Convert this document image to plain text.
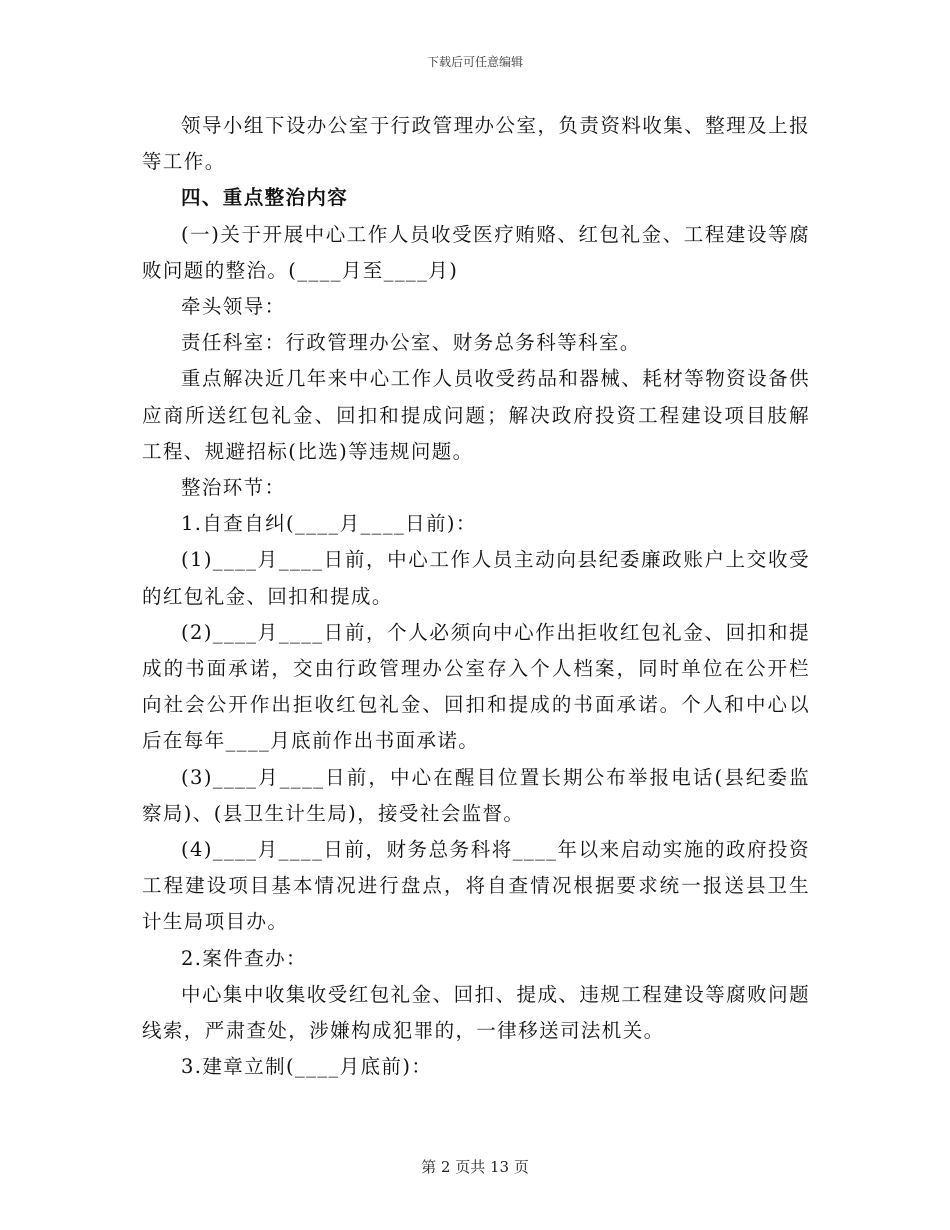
下载后可任意编辑

领导小组下设办公室于行政管理办公室，负责资料收集、整理及上报等工作。

四、重点整治内容

(一)关于开展中心工作人员收受医疗贿赂、红包礼金、工程建设等腐败问题的整治。(____月至____月)

牵头领导：

责任科室：行政管理办公室、财务总务科等科室。

重点解决近几年来中心工作人员收受药品和器械、耗材等物资设备供应商所送红包礼金、回扣和提成问题；解决政府投资工程建设项目肢解工程、规避招标(比选)等违规问题。

整治环节：

1.自查自纠(____月____日前)：

(1)____月____日前，中心工作人员主动向县纪委廉政账户上交收受的红包礼金、回扣和提成。

(2)____月____日前，个人必须向中心作出拒收红包礼金、回扣和提成的书面承诺，交由行政管理办公室存入个人档案，同时单位在公开栏向社会公开作出拒收红包礼金、回扣和提成的书面承诺。个人和中心以后在每年____月底前作出书面承诺。

(3)____月____日前，中心在醒目位置长期公布举报电话(县纪委监察局)、(县卫生计生局)，接受社会监督。

(4)____月____日前，财务总务科将____年以来启动实施的政府投资工程建设项目基本情况进行盘点，将自查情况根据要求统一报送县卫生计生局项目办。

2.案件查办：

中心集中收集收受红包礼金、回扣、提成、违规工程建设等腐败问题线索，严肃查处，涉嫌构成犯罪的，一律移送司法机关。

3.建章立制(____月底前)：

第 2 页共 13 页
